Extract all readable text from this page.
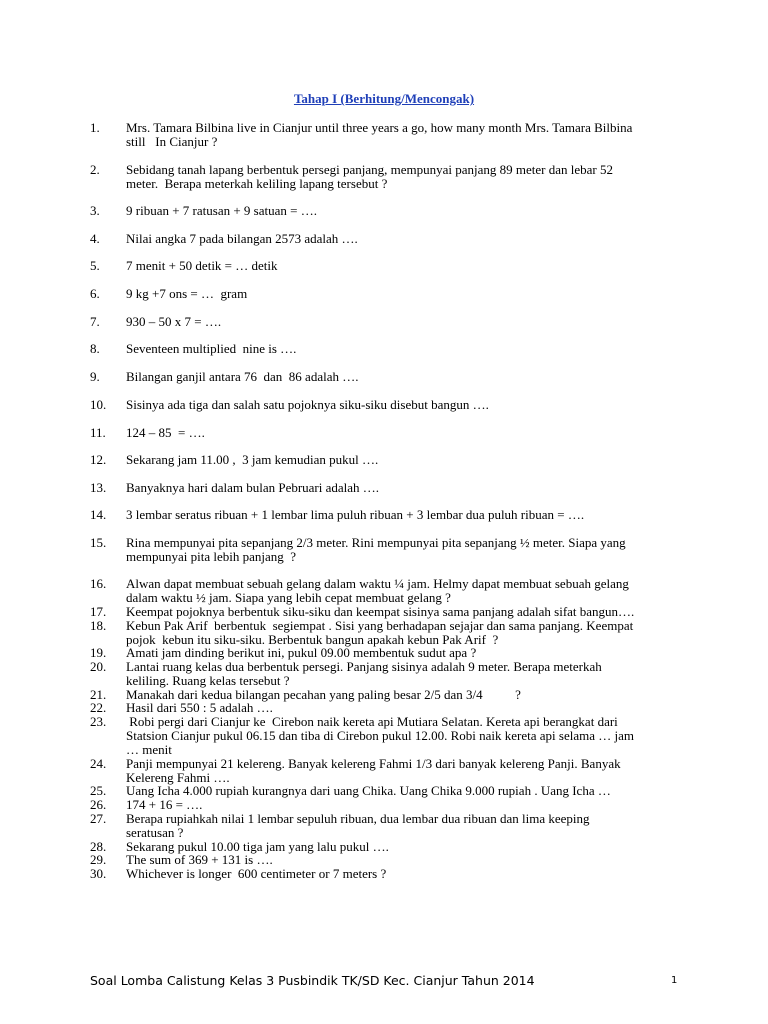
Tahap I (Berhitung/Mencongak)
1.	Mrs. Tamara Bilbina live in Cianjur until three years a go, how many month Mrs. Tamara Bilbina
still   In Cianjur ?
2.	Sebidang tanah lapang berbentuk persegi panjang, mempunyai panjang 89 meter dan lebar 52
meter.  Berapa meterkah keliling lapang tersebut ?
3.	9 ribuan + 7 ratusan + 9 satuan = ….
4.	Nilai angka 7 pada bilangan 2573 adalah ….
5.	7 menit + 50 detik = … detik
6.	9 kg +7 ons = …  gram
7.	930 – 50 x 7 = ….
8.	Seventeen multiplied  nine is ….
9.	Bilangan ganjil antara 76  dan  86 adalah ….
10.	Sisinya ada tiga dan salah satu pojoknya siku-siku disebut bangun ….
11.	124 – 85  = ….
12.	Sekarang jam 11.00 ,  3 jam kemudian pukul ….
13.	Banyaknya hari dalam bulan Pebruari adalah ….
14.	3 lembar seratus ribuan + 1 lembar lima puluh ribuan + 3 lembar dua puluh ribuan = ….
15.	Rina mempunyai pita sepanjang 2/3 meter. Rini mempunyai pita sepanjang ½ meter. Siapa yang
mempunyai pita lebih panjang  ?
16.	Alwan dapat membuat sebuah gelang dalam waktu ¼ jam. Helmy dapat membuat sebuah gelang
dalam waktu ½ jam. Siapa yang lebih cepat membuat gelang ?
17.	Keempat pojoknya berbentuk siku-siku dan keempat sisinya sama panjang adalah sifat bangun….
18.	Kebun Pak Arif  berbentuk  segiempat . Sisi yang berhadapan sejajar dan sama panjang. Keempat
pojok  kebun itu siku-siku. Berbentuk bangun apakah kebun Pak Arif  ?
19.	Amati jam dinding berikut ini, pukul 09.00 membentuk sudut apa ?
20.	Lantai ruang kelas dua berbentuk persegi. Panjang sisinya adalah 9 meter. Berapa meterkah
keliling. Ruang kelas tersebut ?
21.	Manakah dari kedua bilangan pecahan yang paling besar 2/5 dan 3/4          ?
22.	Hasil dari 550 : 5 adalah ….
23.	Robi pergi dari Cianjur ke  Cirebon naik kereta api Mutiara Selatan. Kereta api berangkat dari
Statsion Cianjur pukul 06.15 dan tiba di Cirebon pukul 12.00. Robi naik kereta api selama … jam
… menit
24.	Panji mempunyai 21 kelereng. Banyak kelereng Fahmi 1/3 dari banyak kelereng Panji. Banyak
Kelereng Fahmi ….
25.	Uang Icha 4.000 rupiah kurangnya dari uang Chika. Uang Chika 9.000 rupiah . Uang Icha …
26.	174 + 16 = ….
27.	Berapa rupiahkah nilai 1 lembar sepuluh ribuan, dua lembar dua ribuan dan lima keeping
seratusan ?
28.	Sekarang pukul 10.00 tiga jam yang lalu pukul ….
29.	The sum of 369 + 131 is ….
30.	Whichever is longer  600 centimeter or 7 meters ?
Soal Lomba Calistung Kelas 3 Pusbindik TK/SD Kec. Cianjur Tahun 2014	1
